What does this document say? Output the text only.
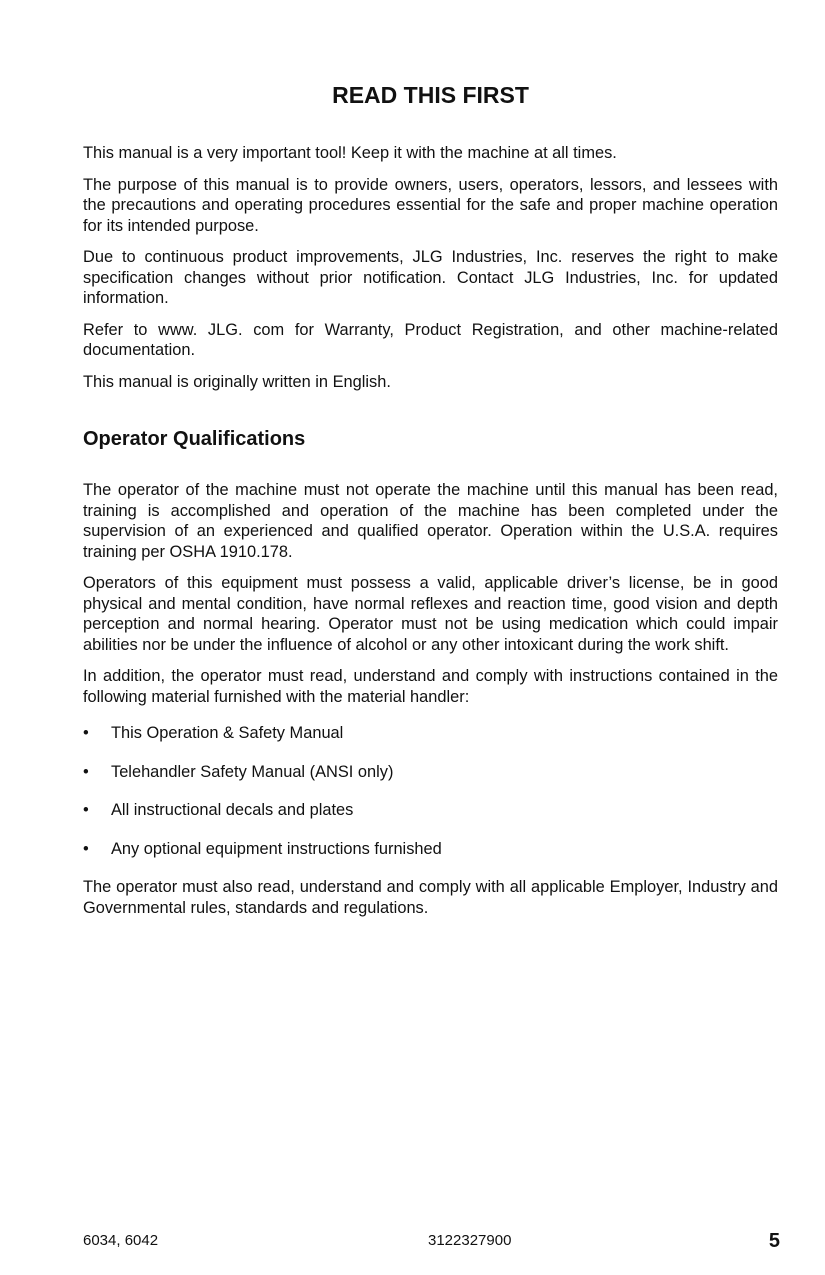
READ THIS FIRST

This manual is a very important tool! Keep it with the machine at all times.

The purpose of this manual is to provide owners, users, operators, lessors, and lessees with the precautions and operating procedures essential for the safe and proper machine operation for its intended purpose.

Due to continuous product improvements, JLG Industries, Inc. reserves the right to make specification changes without prior notification. Contact JLG Industries, Inc. for updated information.

Refer to www. JLG. com for Warranty, Product Registration, and other machine-related documentation.

This manual is originally written in English.

Operator Qualifications

The operator of the machine must not operate the machine until this manual has been read, training is accomplished and operation of the machine has been completed under the supervision of an experienced and qualified operator. Operation within the U.S.A. requires training per OSHA 1910.178.

Operators of this equipment must possess a valid, applicable driver’s license, be in good physical and mental condition, have normal reflexes and reaction time, good vision and depth perception and normal hearing. Operator must not be using medication which could impair abilities nor be under the influence of alcohol or any other intoxicant during the work shift.

In addition, the operator must read, understand and comply with instructions contained in the following material furnished with the material handler:

• This Operation & Safety Manual
• Telehandler Safety Manual (ANSI only)
• All instructional decals and plates
• Any optional equipment instructions furnished

The operator must also read, understand and comply with all applicable Employer, Industry and Governmental rules, standards and regulations.

6034, 6042	3122327900	5
